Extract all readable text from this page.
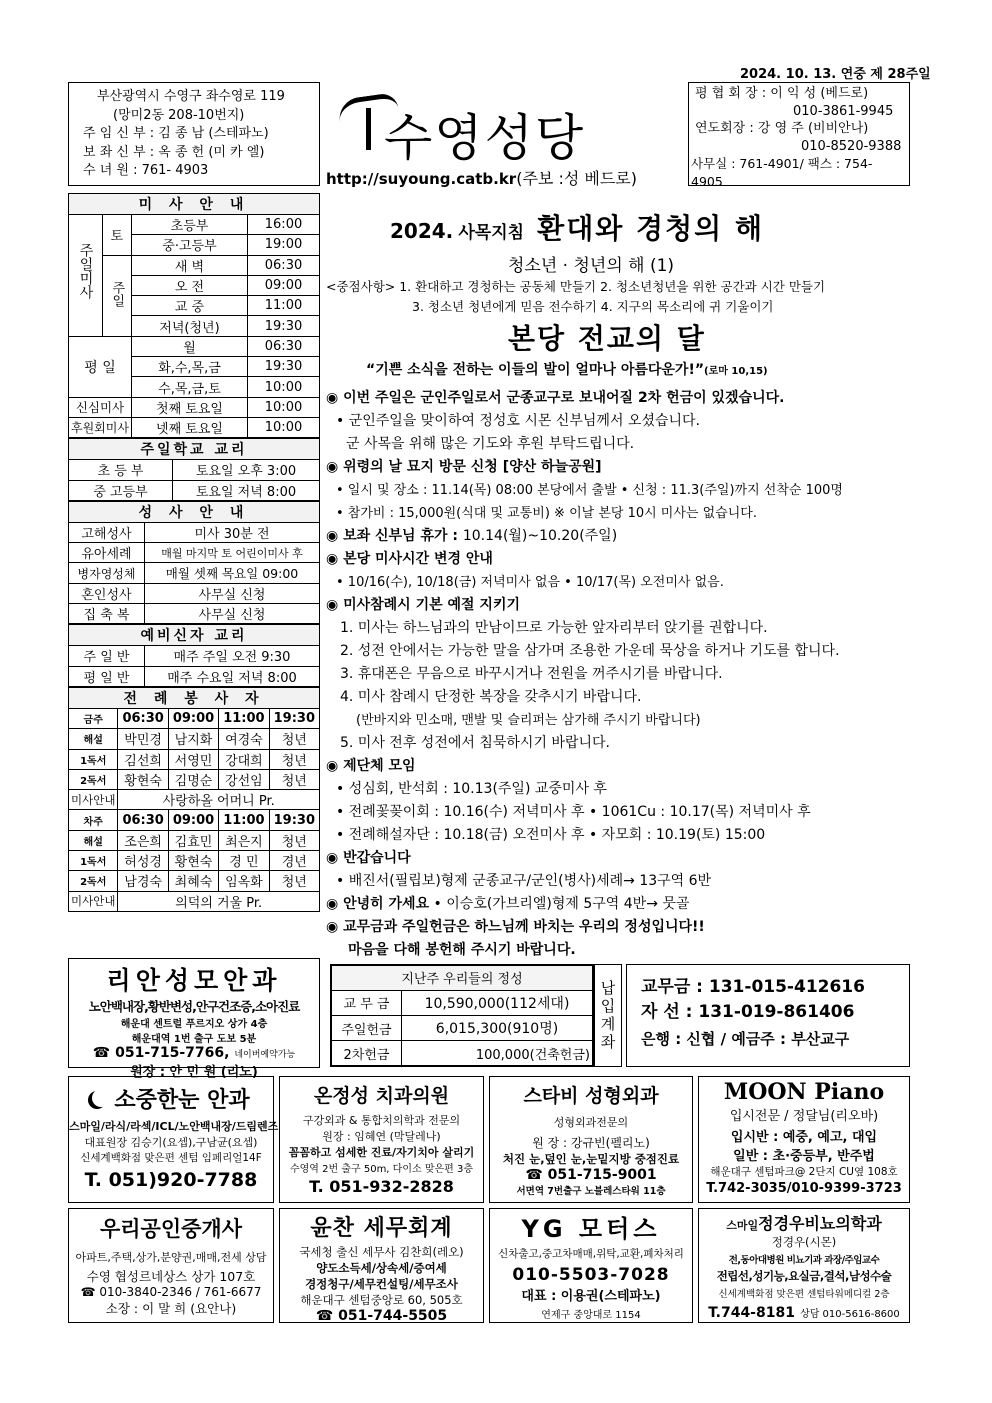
2024. 10. 13. 연중 제 28주일
부산광역시 수영구 좌수영로 119
(망미2동 208-10번지)
주 임 신 부 : 김 종 남 (스테파노)
보 좌 신 부 : 옥 종 헌 (미 카 엘)
수 녀 원 : 761- 4903
수영성당
http://suyoung.catb.kr(주보 :성 베드로)
평 협 회 장 : 이 익 성 (베드로)
010-3861-9945
연도회장 : 강 영 주 (비비안나)
010-8520-9388
사무실 : 761-4901/ 팩스 : 754-4905
미 사 안 내			
주일미사	토	초등부	16:00
		중·고등부	19:00
	주일	새 벽	06:30
		오 전	09:00
		교 중	11:00
		저녁(청년)	19:30
평 일		월	06:30
		화,수,목,금	19:30
		수,목,금,토	10:00
신심미사		첫째 토요일	10:00
후원회미사		넷째 토요일	10:00
주일학교 교리	
초 등 부	토요일 오후 3:00
중 고등부	토요일 저녁 8:00
성 사 안 내	
고해성사	미사 30분 전
유아세례	매월 마지막 토 어린이미사 후
병자영성체	매월 셋째 목요일 09:00
혼인성사	사무실 신청
집 축 복	사무실 신청
예비신자 교리	
주 일 반	매주 주일 오전 9:30
평 일 반	매주 수요일 저녁 8:00
전 례 봉 사 자				
금주	06:30	09:00	11:00	19:30
해설	박민경	남지화	여경숙	청년
1독서	김선희	서영민	강대희	청년
2독서	황현숙	김명순	강선임	청년
미사안내	사랑하올 어머니 Pr.			
차주	06:30	09:00	11:00	19:30
해설	조은희	김효민	최은지	청년
1독서	허성경	황현숙	경 민	경년
2독서	남경숙	최혜숙	임옥화	청년
미사안내	의덕의 거울 Pr.			
리안성모안과
노안백내장,황반변성,안구건조증,소아진료
해운대 센트럴 푸르지오 상가 4층
해운대역 1번 출구 도보 5분
☎ 051-715-7766, 네이버예약가능
원장 : 안 민 원 (리노)
2024. 사목지침 환대와 경청의 해
청소년 · 청년의 해 (1)
<중점사항> 1. 환대하고 경청하는 공동체 만들기 2. 청소년청년을 위한 공간과 시간 만들기
3. 청소년 청년에게 믿음 전수하기 4. 지구의 목소리에 귀 기울이기
본당 전교의 달
“기쁜 소식을 전하는 이들의 발이 얼마나 아름다운가!”(로마 10,15)
◉ 이번 주일은 군인주일로서 군종교구로 보내어질 2차 헌금이 있겠습니다.
• 군인주일을 맞이하여 정성호 시몬 신부님께서 오셨습니다.
군 사목을 위해 많은 기도와 후원 부탁드립니다.
◉ 위령의 날 묘지 방문 신청 [양산 하늘공원]
• 일시 및 장소 : 11.14(목) 08:00 본당에서 출발 • 신청 : 11.3(주일)까지 선착순 100명
• 참가비 : 15,000원(식대 및 교통비) ※ 이날 본당 10시 미사는 없습니다.
◉ 보좌 신부님 휴가 : 10.14(월)~10.20(주일)
◉ 본당 미사시간 변경 안내
• 10/16(수), 10/18(금) 저녁미사 없음 • 10/17(목) 오전미사 없음.
◉ 미사참례시 기본 예절 지키기
1. 미사는 하느님과의 만남이므로 가능한 앞자리부터 앉기를 권합니다.
2. 성전 안에서는 가능한 말을 삼가며 조용한 가운데 묵상을 하거나 기도를 합니다.
3. 휴대폰은 무음으로 바꾸시거나 전원을 꺼주시기를 바랍니다.
4. 미사 참례시 단정한 복장을 갖추시기 바랍니다.
(반바지와 민소매, 맨발 및 슬리퍼는 삼가해 주시기 바랍니다)
5. 미사 전후 성전에서 침묵하시기 바랍니다.
◉ 제단체 모임
• 성심회, 반석회 : 10.13(주일) 교중미사 후
• 전례꽃꽂이회 : 10.16(수) 저녁미사 후 • 1061Cu : 10.17(목) 저녁미사 후
• 전례해설자단 : 10.18(금) 오전미사 후 • 자모회 : 10.19(토) 15:00
◉ 반갑습니다
• 배진서(필립보)형제 군종교구/군인(병사)세례→ 13구역 6반
◉ 안녕히 가세요 • 이승호(가브리엘)형제 5구역 4반→ 뭇골
◉ 교무금과 주일헌금은 하느님께 바치는 우리의 정성입니다!!
마음을 다해 봉헌해 주시기 바랍니다.
지난주 우리들의 정성	
교 무 금	10,590,000(112세대)
주일헌금	6,015,300(910명)
2차헌금	100,000(건축헌금)
납입계좌 교무금 : 131-015-412616
자 선 : 131-019-861406
은행 : 신협 / 예금주 : 부산교구
소중한눈 안과
스마일/라식/라섹/ICL/노안백내장/드림렌즈
대표원장 김승기(요셉),구남균(요셉)
신세계백화점 맞은편 센텀 임페리얼14F
T. 051)920-7788
온정성 치과의원
구강외과 & 통합치의학과 전문의
원장 : 임혜연 (막달레나)
꼼꼼하고 섬세한 진료/자기치아 살리기
수영역 2번 출구 50m, 다이소 맞은편 3층
T. 051-932-2828
스타비 성형외과
성형외과전문의
원 장 : 강규빈(펠리노)
처진 눈,덮인 눈,눈밑지방 중점진료
☎ 051-715-9001
서면역 7번출구 노블레스타워 11층
MOON Piano
입시전문 / 정달님(리오바)
입시반 : 예중, 예고, 대입
일반 : 초·중등부, 반주법
해운대구 센텀파크@ 2단지 CU옆 108호
T.742-3035/010-9399-3723
우리공인중개사
아파트,주택,상가,분양권,매매,전세 상담
수영 협성르네상스 상가 107호
☎ 010-3840-2346 / 761-6677
소장 : 이 말 희 (요안나)
윤찬 세무회계
국세청 출신 세무사 김찬희(레오)
양도소득세/상속세/증여세
경정청구/세무컨설팅/세무조사
해운대구 센텀중앙로 60, 505호
☎ 051-744-5505
YG 모터스
신차출고,중고차매매,위탁,교환,폐차처리
010-5503-7028
대표 : 이용권(스테파노)
연제구 중앙대로 1154
스마일정경우비뇨의학과
정경우(시몬)
전,동아대병원 비뇨기과 과장/주임교수
전립선,성기능,요실금,결석,남성수술
신세계백화점 맞은편 센텀타워메디컬 2층
T.744-8181 상담 010-5616-8600
